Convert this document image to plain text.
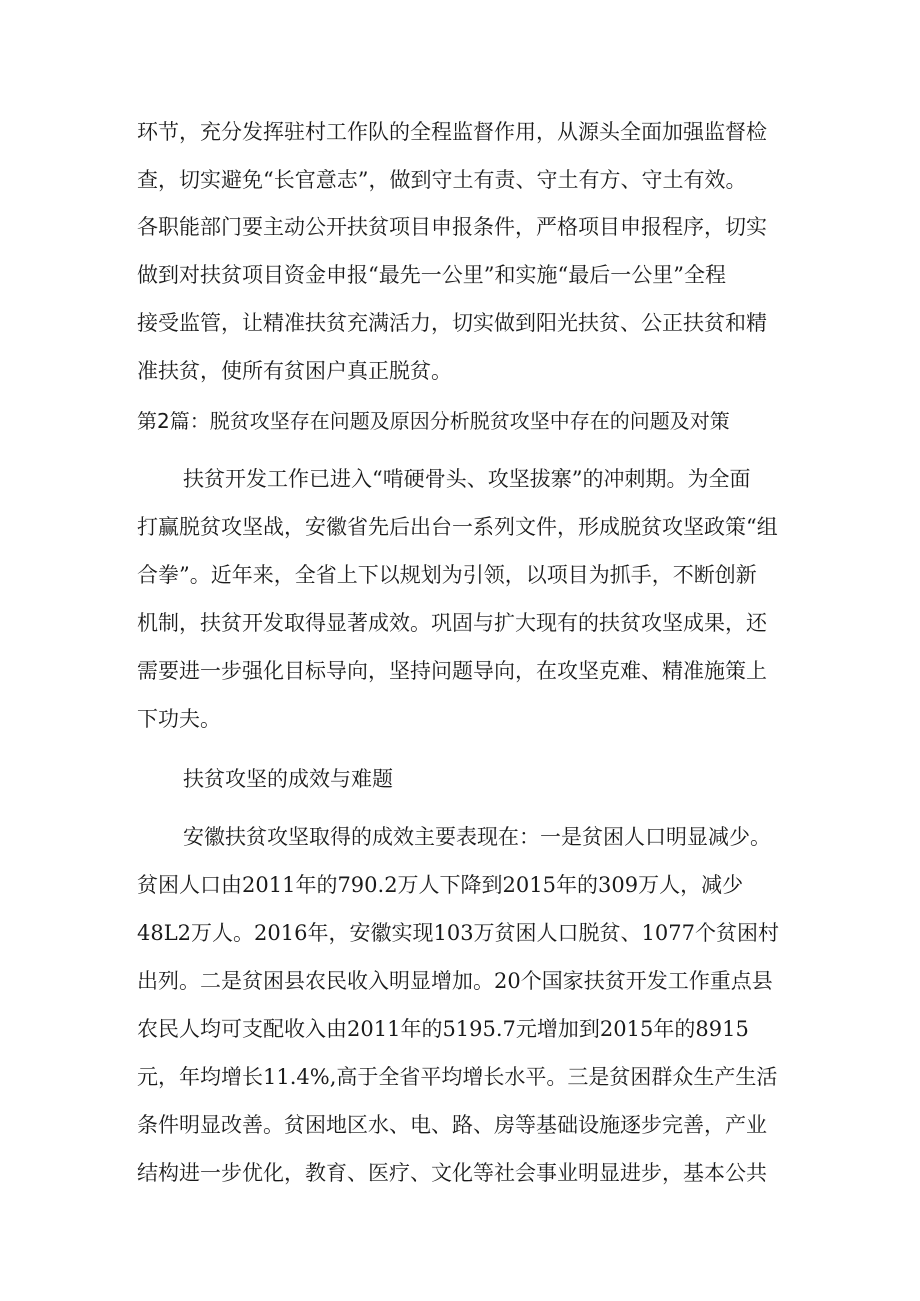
环节，充分发挥驻村工作队的全程监督作用，从源头全面加强监督检
查，切实避免“长官意志”，做到守土有责、守土有方、守土有效。
各职能部门要主动公开扶贫项目申报条件，严格项目申报程序，切实
做到对扶贫项目资金申报“最先一公里”和实施“最后一公里”全程
接受监管，让精准扶贫充满活力，切实做到阳光扶贫、公正扶贫和精
准扶贫，使所有贫困户真正脱贫。
第2篇：脱贫攻坚存在问题及原因分析脱贫攻坚中存在的问题及对策
扶贫开发工作已进入“啃硬骨头、攻坚拔寨”的冲刺期。为全面
打赢脱贫攻坚战，安徽省先后出台一系列文件，形成脱贫攻坚政策“组
合拳”。近年来，全省上下以规划为引领，以项目为抓手，不断创新
机制，扶贫开发取得显著成效。巩固与扩大现有的扶贫攻坚成果，还
需要进一步强化目标导向，坚持问题导向，在攻坚克难、精准施策上
下功夫。
扶贫攻坚的成效与难题
安徽扶贫攻坚取得的成效主要表现在：一是贫困人口明显减少。
贫困人口由2011年的790.2万人下降到2015年的309万人，减少
48L2万人。2016年，安徽实现103万贫困人口脱贫、1077个贫困村
出列。二是贫困县农民收入明显增加。20个国家扶贫开发工作重点县
农民人均可支配收入由2011年的5195.7元增加到2015年的8915
元，年均增长11.4%,高于全省平均增长水平。三是贫困群众生产生活
条件明显改善。贫困地区水、电、路、房等基础设施逐步完善，产业
结构进一步优化，教育、医疗、文化等社会事业明显进步，基本公共
